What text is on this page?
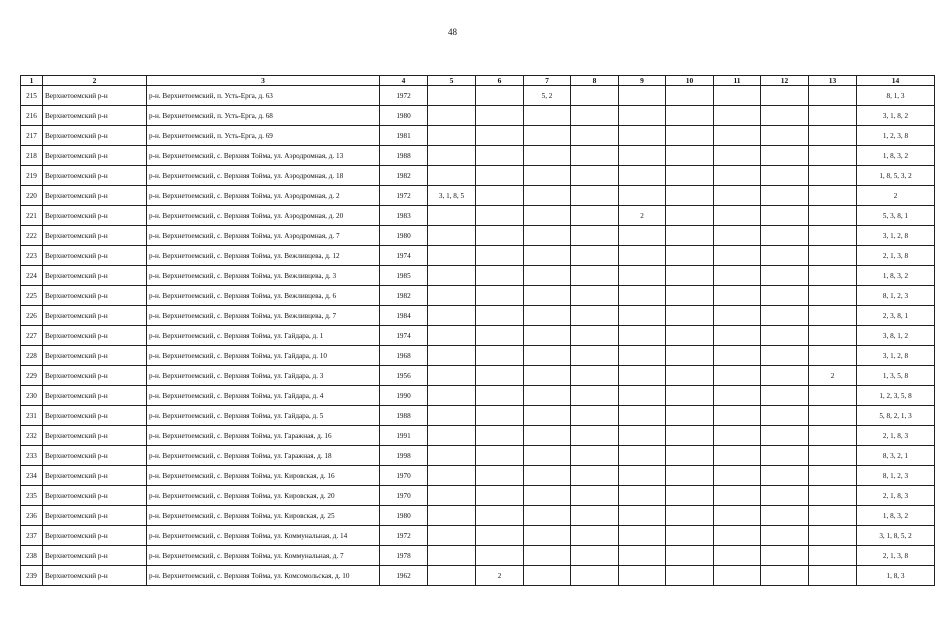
48
1	2	3	4	5	6	7	8	9	10	11	12	13	14
215	Верхнетоемский р-н	р-н. Верхнетоемский, п. Усть-Ерга, д. 63	1972			5, 2							8, 1, 3
216	Верхнетоемский р-н	р-н. Верхнетоемский, п. Усть-Ерга, д. 68	1980										3, 1, 8, 2
217	Верхнетоемский р-н	р-н. Верхнетоемский, п. Усть-Ерга, д. 69	1981										1, 2, 3, 8
218	Верхнетоемский р-н	р-н. Верхнетоемский, с. Верхняя Тойма, ул. Аэродромная, д. 13	1988										1, 8, 3, 2
219	Верхнетоемский р-н	р-н. Верхнетоемский, с. Верхняя Тойма, ул. Аэродромная, д. 18	1982										1, 8, 5, 3, 2
220	Верхнетоемский р-н	р-н. Верхнетоемский, с. Верхняя Тойма, ул. Аэродромная, д. 2	1972	3, 1, 8, 5									2
221	Верхнетоемский р-н	р-н. Верхнетоемский, с. Верхняя Тойма, ул. Аэродромная, д. 20	1983					2					5, 3, 8, 1
222	Верхнетоемский р-н	р-н. Верхнетоемский, с. Верхняя Тойма, ул. Аэродромная, д. 7	1980										3, 1, 2, 8
223	Верхнетоемский р-н	р-н. Верхнетоемский, с. Верхняя Тойма, ул. Вежливцева, д. 12	1974										2, 1, 3, 8
224	Верхнетоемский р-н	р-н. Верхнетоемский, с. Верхняя Тойма, ул. Вежливцева, д. 3	1985										1, 8, 3, 2
225	Верхнетоемский р-н	р-н. Верхнетоемский, с. Верхняя Тойма, ул. Вежливцева, д. 6	1982										8, 1, 2, 3
226	Верхнетоемский р-н	р-н. Верхнетоемский, с. Верхняя Тойма, ул. Вежливцева, д. 7	1984										2, 3, 8, 1
227	Верхнетоемский р-н	р-н. Верхнетоемский, с. Верхняя Тойма, ул. Гайдара, д. 1	1974										3, 8, 1, 2
228	Верхнетоемский р-н	р-н. Верхнетоемский, с. Верхняя Тойма, ул. Гайдара, д. 10	1968										3, 1, 2, 8
229	Верхнетоемский р-н	р-н. Верхнетоемский, с. Верхняя Тойма, ул. Гайдара, д. 3	1956									2	1, 3, 5, 8
230	Верхнетоемский р-н	р-н. Верхнетоемский, с. Верхняя Тойма, ул. Гайдара, д. 4	1990										1, 2, 3, 5, 8
231	Верхнетоемский р-н	р-н. Верхнетоемский, с. Верхняя Тойма, ул. Гайдара, д. 5	1988										5, 8, 2, 1, 3
232	Верхнетоемский р-н	р-н. Верхнетоемский, с. Верхняя Тойма, ул. Гаражная, д. 16	1991										2, 1, 8, 3
233	Верхнетоемский р-н	р-н. Верхнетоемский, с. Верхняя Тойма, ул. Гаражная, д. 18	1998										8, 3, 2, 1
234	Верхнетоемский р-н	р-н. Верхнетоемский, с. Верхняя Тойма, ул. Кировская, д. 16	1970										8, 1, 2, 3
235	Верхнетоемский р-н	р-н. Верхнетоемский, с. Верхняя Тойма, ул. Кировская, д. 20	1970										2, 1, 8, 3
236	Верхнетоемский р-н	р-н. Верхнетоемский, с. Верхняя Тойма, ул. Кировская, д. 25	1980										1, 8, 3, 2
237	Верхнетоемский р-н	р-н. Верхнетоемский, с. Верхняя Тойма, ул. Коммунальная, д. 14	1972										3, 1, 8, 5, 2
238	Верхнетоемский р-н	р-н. Верхнетоемский, с. Верхняя Тойма, ул. Коммунальная, д. 7	1978										2, 1, 3, 8
239	Верхнетоемский р-н	р-н. Верхнетоемский, с. Верхняя Тойма, ул. Комсомольская, д. 10	1962		2								1, 8, 3
